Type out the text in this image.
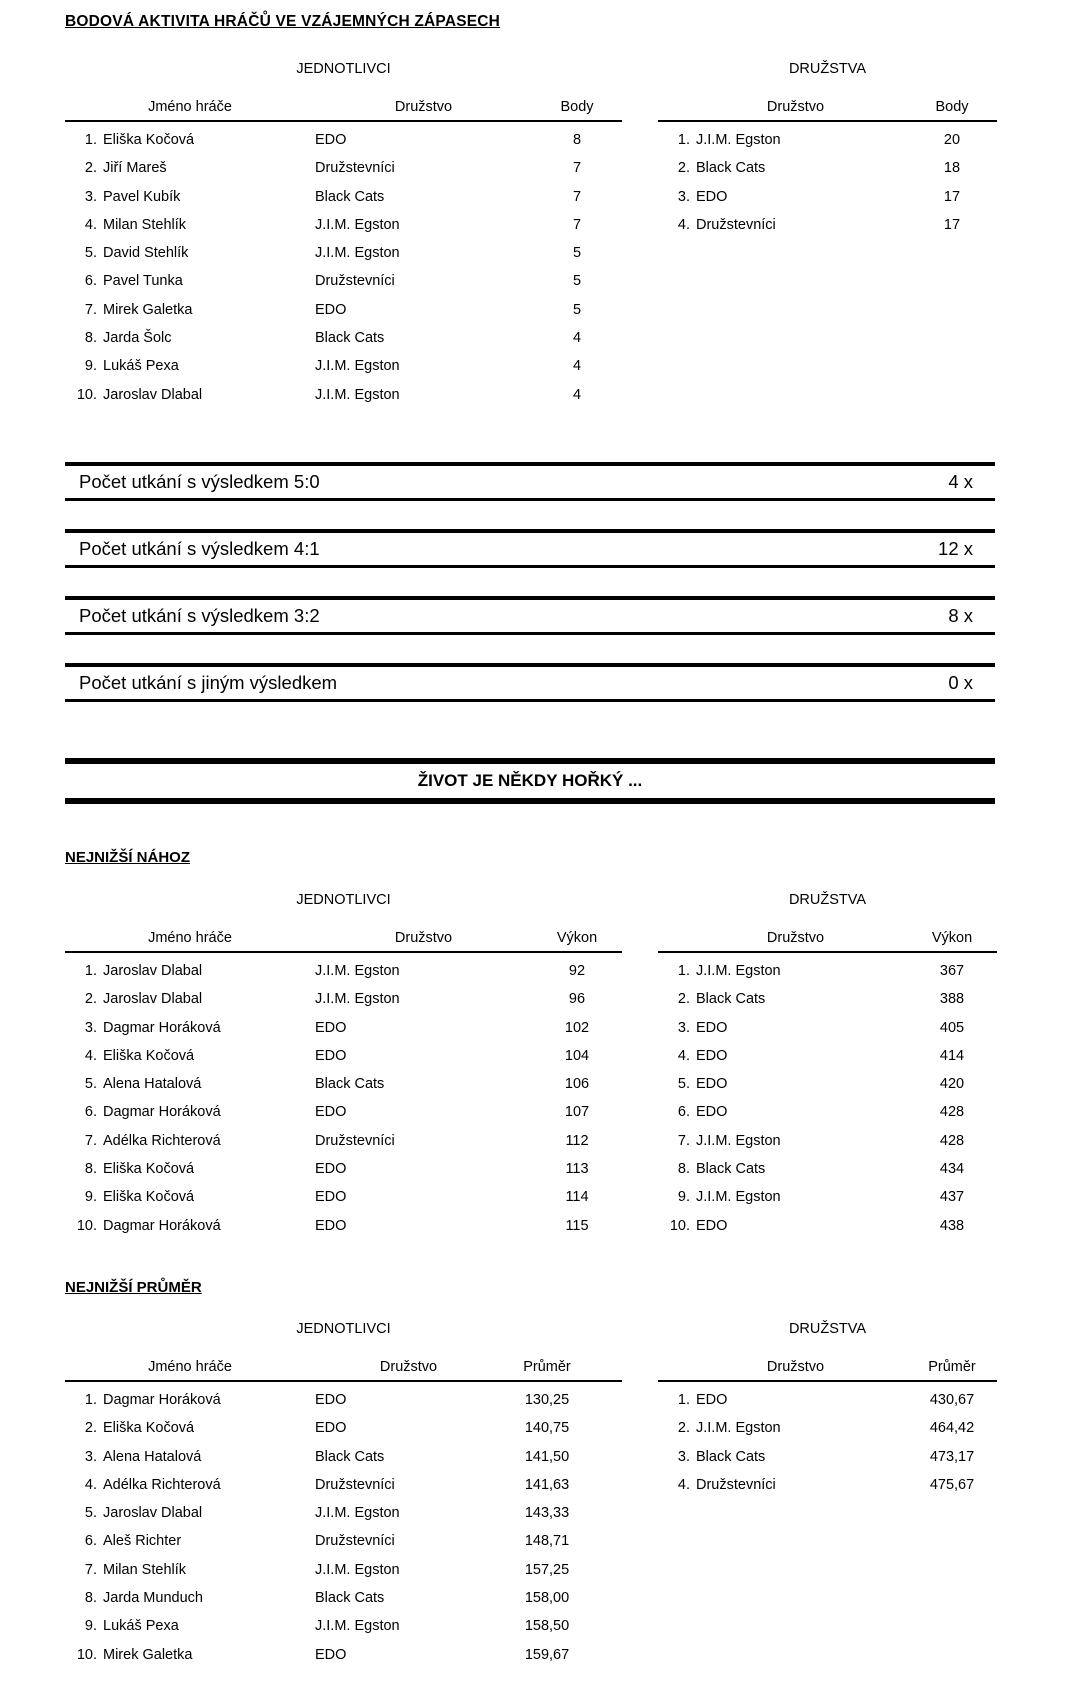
BODOVÁ AKTIVITA HRÁČŮ VE VZÁJEMNÝCH ZÁPASECH
JEDNOTLIVCI
Jméno hráče	Družstvo	Body
1. Eliška Kočová	EDO	8
2. Jiří Mareš	Družstevníci	7
3. Pavel Kubík	Black Cats	7
4. Milan Stehlík	J.I.M. Egston	7
5. David Stehlík	J.I.M. Egston	5
6. Pavel Tunka	Družstevníci	5
7. Mirek Galetka	EDO	5
8. Jarda Šolc	Black Cats	4
9. Lukáš Pexa	J.I.M. Egston	4
10. Jaroslav Dlabal	J.I.M. Egston	4
DRUŽSTVA
Družstvo	Body
1. J.I.M. Egston	20
2. Black Cats	18
3. EDO	17
4. Družstevníci	17
Počet utkání s výsledkem 5:0	4 x
Počet utkání s výsledkem 4:1	12 x
Počet utkání s výsledkem 3:2	8 x
Počet utkání s jiným výsledkem	0 x
ŽIVOT JE NĚKDY HOŘKÝ ...
NEJNIŽŠÍ NÁHOZ
JEDNOTLIVCI
Jméno hráče	Družstvo	Výkon
1. Jaroslav Dlabal	J.I.M. Egston	92
2. Jaroslav Dlabal	J.I.M. Egston	96
3. Dagmar Horáková	EDO	102
4. Eliška Kočová	EDO	104
5. Alena Hatalová	Black Cats	106
6. Dagmar Horáková	EDO	107
7. Adélka Richterová	Družstevníci	112
8. Eliška Kočová	EDO	113
9. Eliška Kočová	EDO	114
10. Dagmar Horáková	EDO	115
DRUŽSTVA
Družstvo	Výkon
1. J.I.M. Egston	367
2. Black Cats	388
3. EDO	405
4. EDO	414
5. EDO	420
6. EDO	428
7. J.I.M. Egston	428
8. Black Cats	434
9. J.I.M. Egston	437
10. EDO	438
NEJNIŽŠÍ PRŮMĚR
JEDNOTLIVCI
Jméno hráče	Družstvo	Průměr
1. Dagmar Horáková	EDO	130,25
2. Eliška Kočová	EDO	140,75
3. Alena Hatalová	Black Cats	141,50
4. Adélka Richterová	Družstevníci	141,63
5. Jaroslav Dlabal	J.I.M. Egston	143,33
6. Aleš Richter	Družstevníci	148,71
7. Milan Stehlík	J.I.M. Egston	157,25
8. Jarda Munduch	Black Cats	158,00
9. Lukáš Pexa	J.I.M. Egston	158,50
10. Mirek Galetka	EDO	159,67
DRUŽSTVA
Družstvo	Průměr
1. EDO	430,67
2. J.I.M. Egston	464,42
3. Black Cats	473,17
4. Družstevníci	475,67
